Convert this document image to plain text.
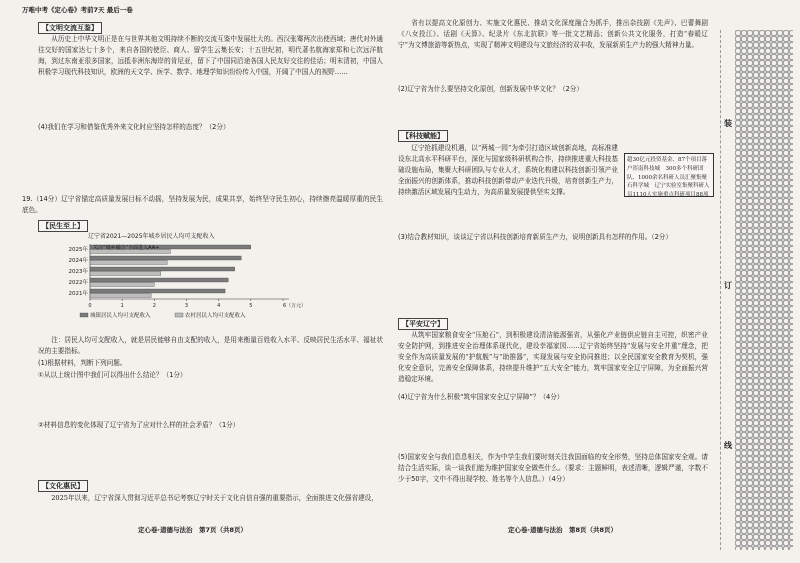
万唯中考《定心卷》考前7天 最后一卷
【文明交流互鉴】
从历史上中华文明正是在与世界其他文明持续不断的交流互鉴中发展壮大的。西汉张骞两次出使西域；唐代对外通往交好的国家达七十多个，来自各国的使臣、商人、留学生云集长安；十五世纪初，明代著名航海家郑和七次远洋航海，到过东南亚很多国家，远抵非洲东海岸的肯尼亚，留下了中国同沿途各国人民友好交往的佳话；明末清初，中国人积极学习现代科技知识，欧洲的天文学、医学、数学、地理学知识纷纷传入中国，开阔了中国人的视野……
(4)我们在学习和借鉴优秀外来文化时应坚持怎样的态度？（2分）
19.（14分）辽宁省锚定高质量发展目标不动摇，坚持发展为民，成果共享，始终坚守民生初心，持续擦亮温暖厚重的民生底色。
【民生至上】
辽宁省2021—2025年城乡居民人均可支配收入
2025年
2024年
2023年
2022年
2021年
关注“城乡融合”全面进入AA+
0	1	2	3	4	5	6（万元）
城镇居民人均可支配收入	农村居民人均可支配收入
注：居民人均可支配收入，就是居民能够自由支配的收入，是用来衡量百姓收入水平、反映居民生活水平、福祉状况的主要指标。
(1)根据材料，判断下列问题。
①从以上统计图中我们可以得出什么结论？（1分）
②材料信息的变化体现了辽宁省为了应对什么样的社会矛盾？（1分）
【文化惠民】
2025年以来，辽宁省深入贯彻习近平总书记考察辽宁时关于文化自信自强的重要指示，全面推进文化强省建设，
定心卷·道德与法治　第7页（共8页）
省有以提高文化原创力、实施文化惠民、推动文化深度融合为抓手，推出杂技剧《先声》、巴蕾舞剧《八女投江》、话剧《天算》、纪录片《东北抗联》等一批文艺精品；创新公共文化服务，打造“春暖辽宁”为文博旅游等新热点，实现了精神文明建设与文旅经济的双丰收，发展新质生产力的强大精神力量。
(2)辽宁省为什么要坚持文化原创，创新发展中华文化？（2分）
【科技赋能】
辽宁抢抓建设机遇，以“两城一园”为牵引打造区域创新高地，高标准建设东北高水平科研平台，深化与国家级科研机构合作，持续推进重大科技基础设施布局，集聚大科研团队与专业人才，系统化构建以科技创新引领产业全面振兴的创新体系，推动科技创新带动产业迭代升级，培育创新生产力，持续激活区域发展内生动力，为高质量发展提供坚实支撑。
超30亿元投资基金、87个项目落户浑南科技城　300多个科研团队、1000余名科研人员汇聚集聚石科学城　辽宁实验室集聚科研人员1110人实施重点科研项目88项
(3)结合教材知识，谈谈辽宁省以科技创新培育新质生产力，说明创新具有怎样的作用。（2分）
【平安辽宁】
从筑牢国家粮食安全“压舱石”，到积极建设清洁能源强省，从强化产业链供应链自主可控，织密产业安全防护网，到推进安全治理体系现代化，建设幸福家园……辽宁省始终坚持“发展与安全并重”理念，把安全作为高质量发展的“护航舰”与“助推器”，实现发展与安全协同推进；以全民国家安全教育为契机，强化安全意识，完善安全保障体系，持续提升维护“五大安全”能力，筑牢国家安全辽宁屏障，为全面振兴营造稳定环境。
(4)辽宁省为什么积极“筑牢国家安全辽宁屏障”？（4分）
(5)国家安全与我们息息相关，作为中学生我们要时刻关注我国面临的安全形势，坚持总体国家安全观。请结合生活实际，谈一谈我们能为维护国家安全做些什么。（要求：主题鲜明，表述清晰，逻辑严谨，字数不少于50字，文中不得出现学校、姓名等个人信息。）（4分）
定心卷·道德与法治　第8页（共8页）
装
订
线
